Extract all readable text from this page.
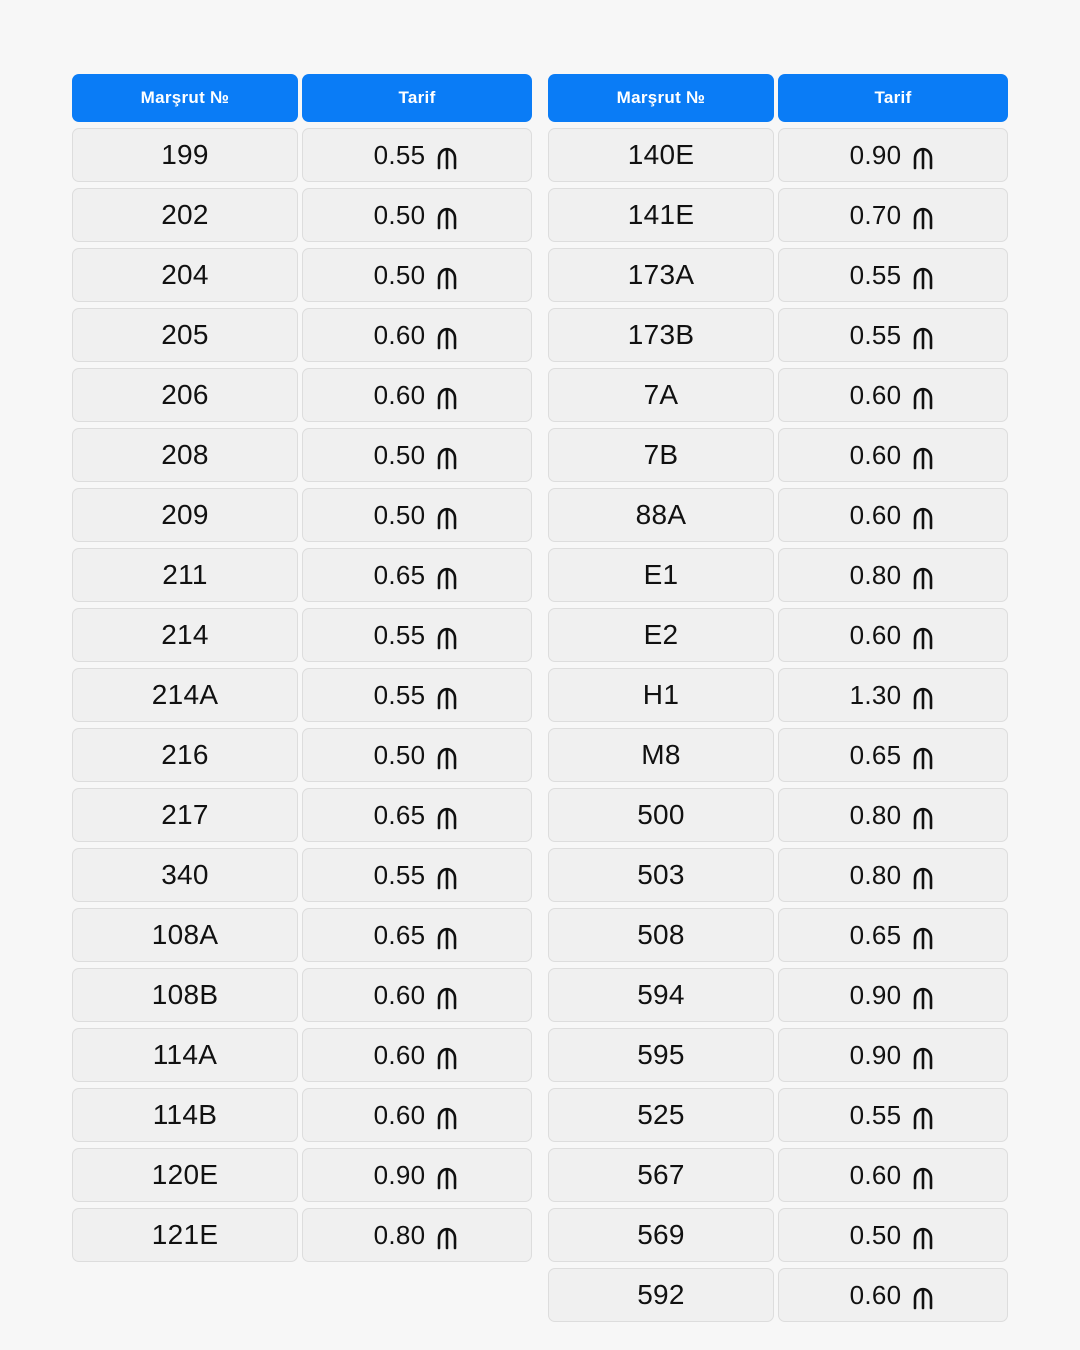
Marşrut №	Tarif
199	0.55
202	0.50
204	0.50
205	0.60
206	0.60
208	0.50
209	0.50
211	0.65
214	0.55
214A	0.55
216	0.50
217	0.65
340	0.55
108A	0.65
108B	0.60
114A	0.60
114B	0.60
120E	0.90
121E	0.80
Marşrut №	Tarif
140E	0.90
141E	0.70
173A	0.55
173B	0.55
7A	0.60
7B	0.60
88A	0.60
E1	0.80
E2	0.60
H1	1.30
M8	0.65
500	0.80
503	0.80
508	0.65
594	0.90
595	0.90
525	0.55
567	0.60
569	0.50
592	0.60
